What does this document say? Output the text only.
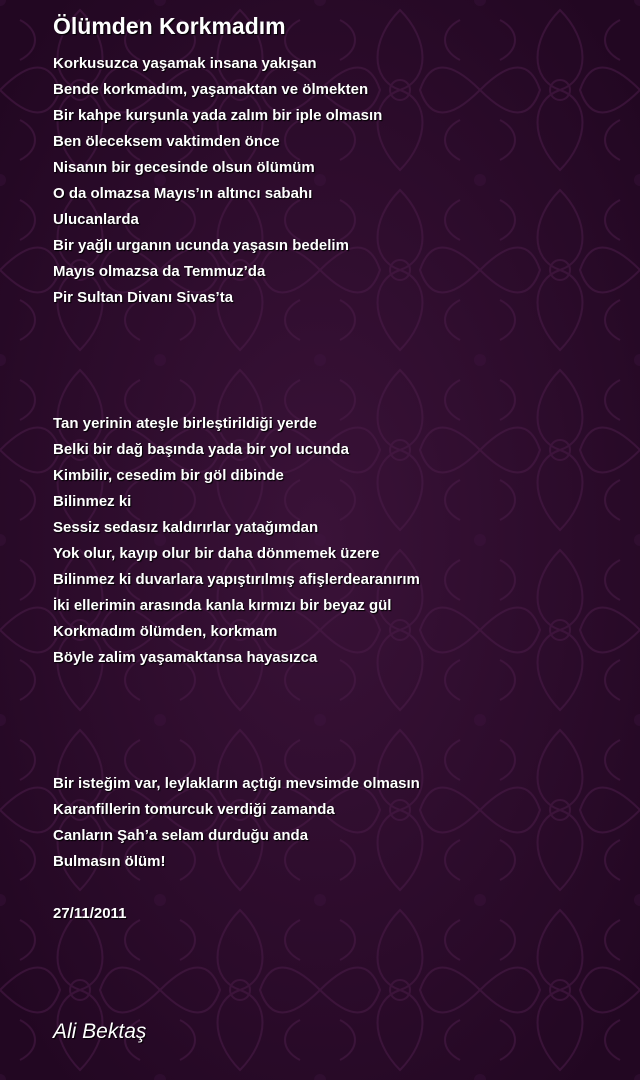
Ölümden Korkmadım
Korkusuzca yaşamak insana yakışan
Bende korkmadım, yaşamaktan ve ölmekten
Bir kahpe kurşunla yada zalım bir iple olmasın
Ben öleceksem vaktimden önce
Nisanın bir gecesinde olsun ölümüm
O da olmazsa Mayıs’ın altıncı sabahı
Ulucanlarda
Bir yağlı urganın ucunda yaşasın bedelim
Mayıs olmazsa da Temmuz’da
Pir Sultan Divanı Sivas’ta
Tan yerinin ateşle birleştirildiği yerde
Belki bir dağ başında yada bir yol ucunda
Kimbilir, cesedim bir göl dibinde
Bilinmez ki
Sessiz sedasız kaldırırlar yatağımdan
Yok olur, kayıp olur bir daha dönmemek üzere
Bilinmez ki duvarlara yapıştırılmış afişlerdearanırım
İki ellerimin arasında kanla kırmızı bir beyaz gül
Korkmadım ölümden, korkmam
Böyle zalim yaşamaktansa hayasızca
Bir isteğim var, leylakların açtığı mevsimde olmasın
Karanfillerin tomurcuk verdiği zamanda
Canların Şah’a selam durduğu anda
Bulmasın ölüm!
27/11/2011
Ali Bektaş
